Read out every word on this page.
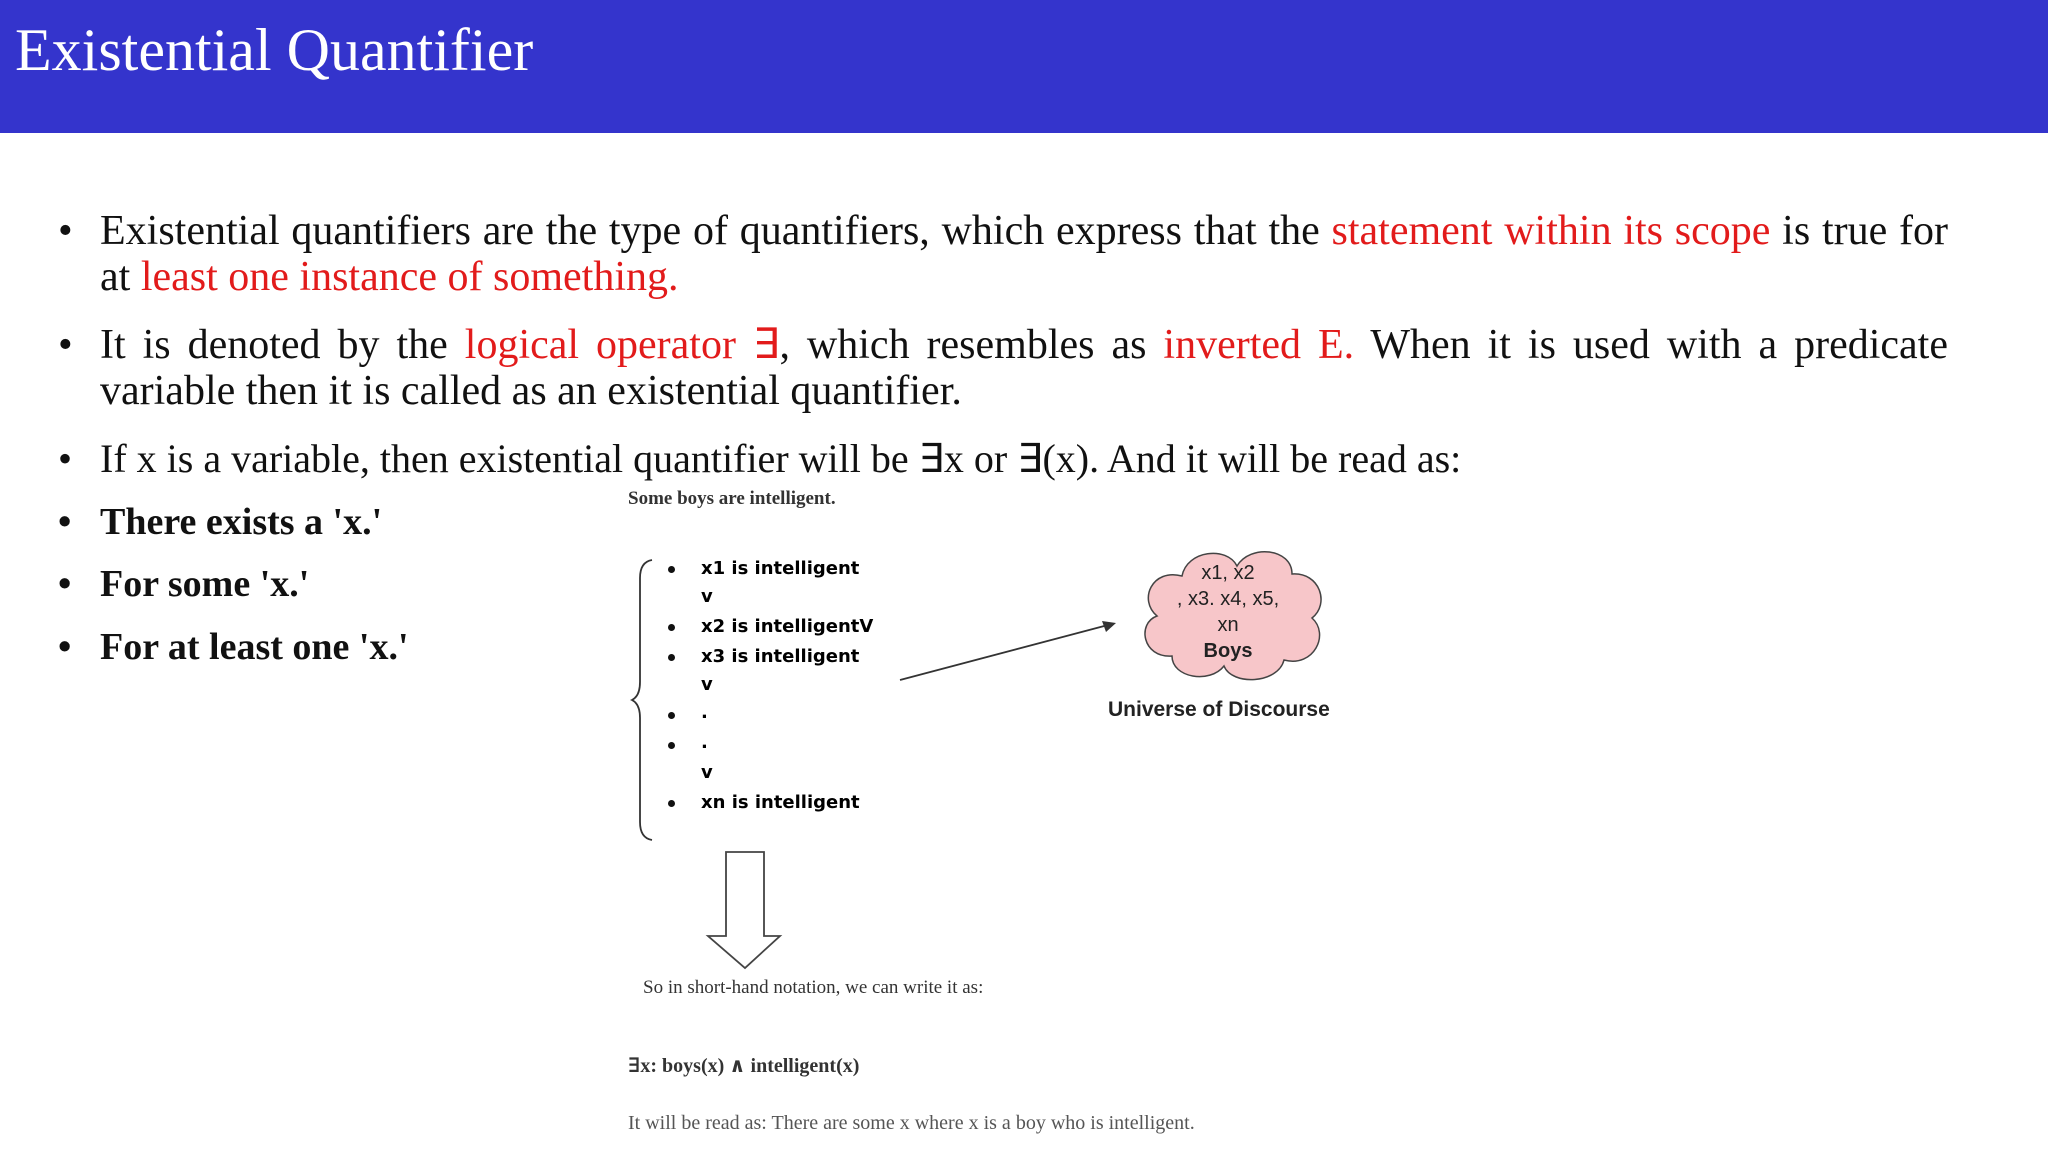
Existential Quantifier
• Existential quantifiers are the type of quantifiers, which express that the statement within its scope is true for at least one instance of something.
• It is denoted by the logical operator ∃, which resembles as inverted E. When it is used with a predicate variable then it is called as an existential quantifier.
• If x is a variable, then existential quantifier will be ∃x or ∃(x). And it will be read as:
• There exists a 'x.'
• For some 'x.'
• For at least one 'x.'
Some boys are intelligent.
x1 is intelligent
v
x2 is intelligentV
x3 is intelligent
v
.
.
v
xn is intelligent
x1, x2
, x3. x4, x5,
xn
Boys
Universe of Discourse
So in short-hand notation, we can write it as:
∃x: boys(x) ∧ intelligent(x)
It will be read as: There are some x where x is a boy who is intelligent.
